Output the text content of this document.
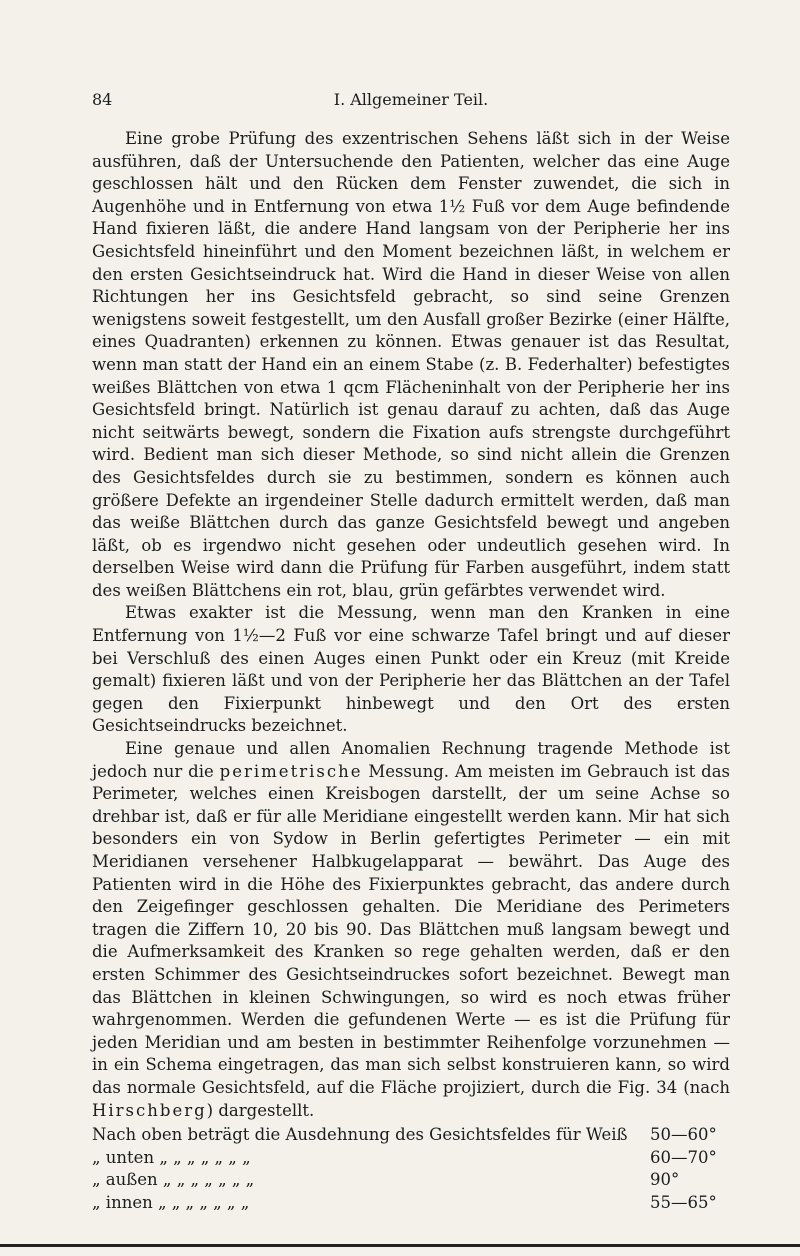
84	I. Allgemeiner Teil.

Eine grobe Prüfung des exzentrischen Sehens läßt sich in der Weise ausführen, daß der Untersuchende den Patienten, welcher das eine Auge geschlossen hält und den Rücken dem Fenster zuwendet, die sich in Augenhöhe und in Entfernung von etwa 1½ Fuß vor dem Auge befindende Hand fixieren läßt, die andere Hand langsam von der Peripherie her ins Gesichtsfeld hineinführt und den Moment bezeichnen läßt, in welchem er den ersten Gesichtseindruck hat. Wird die Hand in dieser Weise von allen Richtungen her ins Gesichtsfeld gebracht, so sind seine Grenzen wenigstens soweit festgestellt, um den Ausfall großer Bezirke (einer Hälfte, eines Quadranten) erkennen zu können. Etwas genauer ist das Resultat, wenn man statt der Hand ein an einem Stabe (z. B. Federhalter) befestigtes weißes Blättchen von etwa 1 qcm Flächeninhalt von der Peripherie her ins Gesichtsfeld bringt. Natürlich ist genau darauf zu achten, daß das Auge nicht seitwärts bewegt, sondern die Fixation aufs strengste durchgeführt wird. Bedient man sich dieser Methode, so sind nicht allein die Grenzen des Gesichtsfeldes durch sie zu bestimmen, sondern es können auch größere Defekte an irgendeiner Stelle dadurch ermittelt werden, daß man das weiße Blättchen durch das ganze Gesichtsfeld bewegt und angeben läßt, ob es irgendwo nicht gesehen oder undeutlich gesehen wird. In derselben Weise wird dann die Prüfung für Farben ausgeführt, indem statt des weißen Blättchens ein rot, blau, grün gefärbtes verwendet wird.

Etwas exakter ist die Messung, wenn man den Kranken in eine Entfernung von 1½—2 Fuß vor eine schwarze Tafel bringt und auf dieser bei Verschluß des einen Auges einen Punkt oder ein Kreuz (mit Kreide gemalt) fixieren läßt und von der Peripherie her das Blättchen an der Tafel gegen den Fixierpunkt hinbewegt und den Ort des ersten Gesichtseindrucks bezeichnet.

Eine genaue und allen Anomalien Rechnung tragende Methode ist jedoch nur die perimetrische Messung. Am meisten im Gebrauch ist das Perimeter, welches einen Kreisbogen darstellt, der um seine Achse so drehbar ist, daß er für alle Meridiane eingestellt werden kann. Mir hat sich besonders ein von Sydow in Berlin gefertigtes Perimeter — ein mit Meridianen versehener Halbkugelapparat — bewährt. Das Auge des Patienten wird in die Höhe des Fixierpunktes gebracht, das andere durch den Zeigefinger geschlossen gehalten. Die Meridiane des Perimeters tragen die Ziffern 10, 20 bis 90. Das Blättchen muß langsam bewegt und die Aufmerksamkeit des Kranken so rege gehalten werden, daß er den ersten Schimmer des Gesichtseindruckes sofort bezeichnet. Bewegt man das Blättchen in kleinen Schwingungen, so wird es noch etwas früher wahrgenommen. Werden die gefundenen Werte — es ist die Prüfung für jeden Meridian und am besten in bestimmter Reihenfolge vorzunehmen — in ein Schema eingetragen, das man sich selbst konstruieren kann, so wird das normale Gesichtsfeld, auf die Fläche projiziert, durch die Fig. 34 (nach Hirschberg) dargestellt.

Nach oben beträgt die Ausdehnung des Gesichtsfeldes für Weiß	50—60°
„ unten „ „ „ „ „ „ „	60—70°
„ außen „ „ „ „ „ „ „	90°
„ innen „ „ „ „ „ „ „	55—65°
